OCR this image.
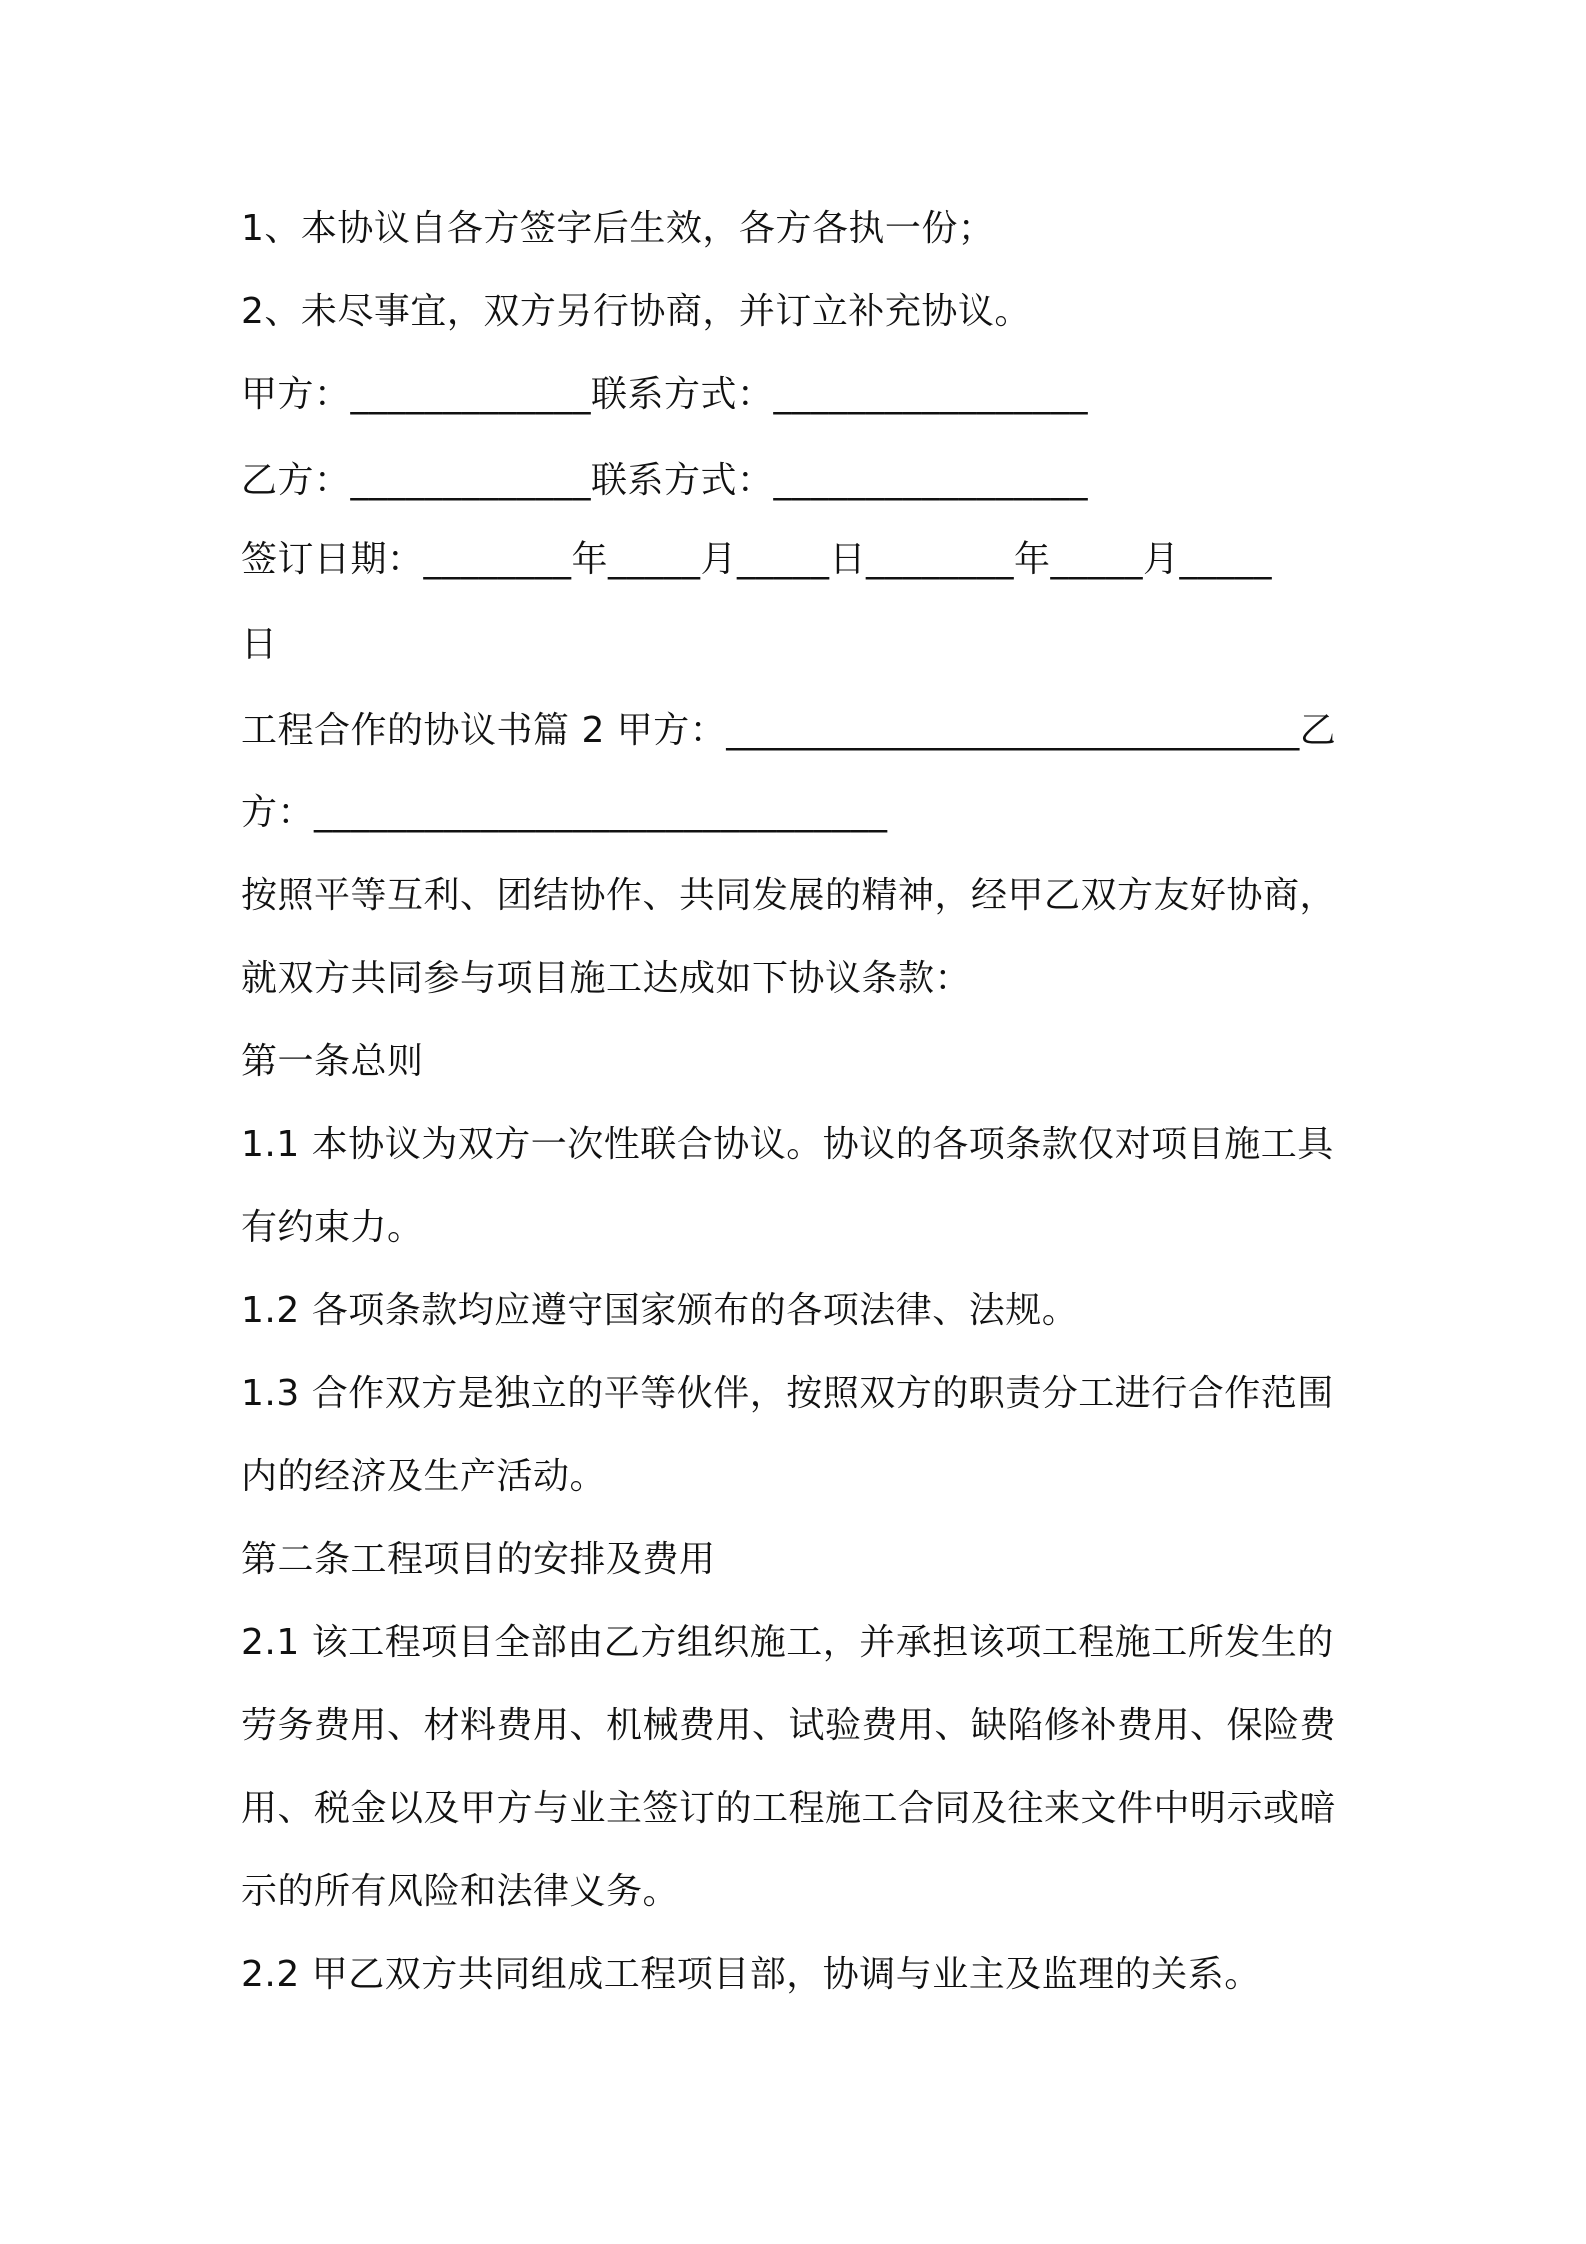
1、本协议自各方签字后生效，各方各执一份；
2、未尽事宜，双方另行协商，并订立补充协议。
甲方：_____________联系方式：_________________
乙方：_____________联系方式：_________________
签订日期：________年_____月_____日________年_____月_____
日
工程合作的协议书篇 2 甲方：_______________________________乙
方：_______________________________
按照平等互利、团结协作、共同发展的精神，经甲乙双方友好协商，
就双方共同参与项目施工达成如下协议条款：
第一条总则
1.1 本协议为双方一次性联合协议。协议的各项条款仅对项目施工具
有约束力。
1.2 各项条款均应遵守国家颁布的各项法律、法规。
1.3 合作双方是独立的平等伙伴，按照双方的职责分工进行合作范围
内的经济及生产活动。
第二条工程项目的安排及费用
2.1 该工程项目全部由乙方组织施工，并承担该项工程施工所发生的
劳务费用、材料费用、机械费用、试验费用、缺陷修补费用、保险费
用、税金以及甲方与业主签订的工程施工合同及往来文件中明示或暗
示的所有风险和法律义务。
2.2 甲乙双方共同组成工程项目部，协调与业主及监理的关系。
